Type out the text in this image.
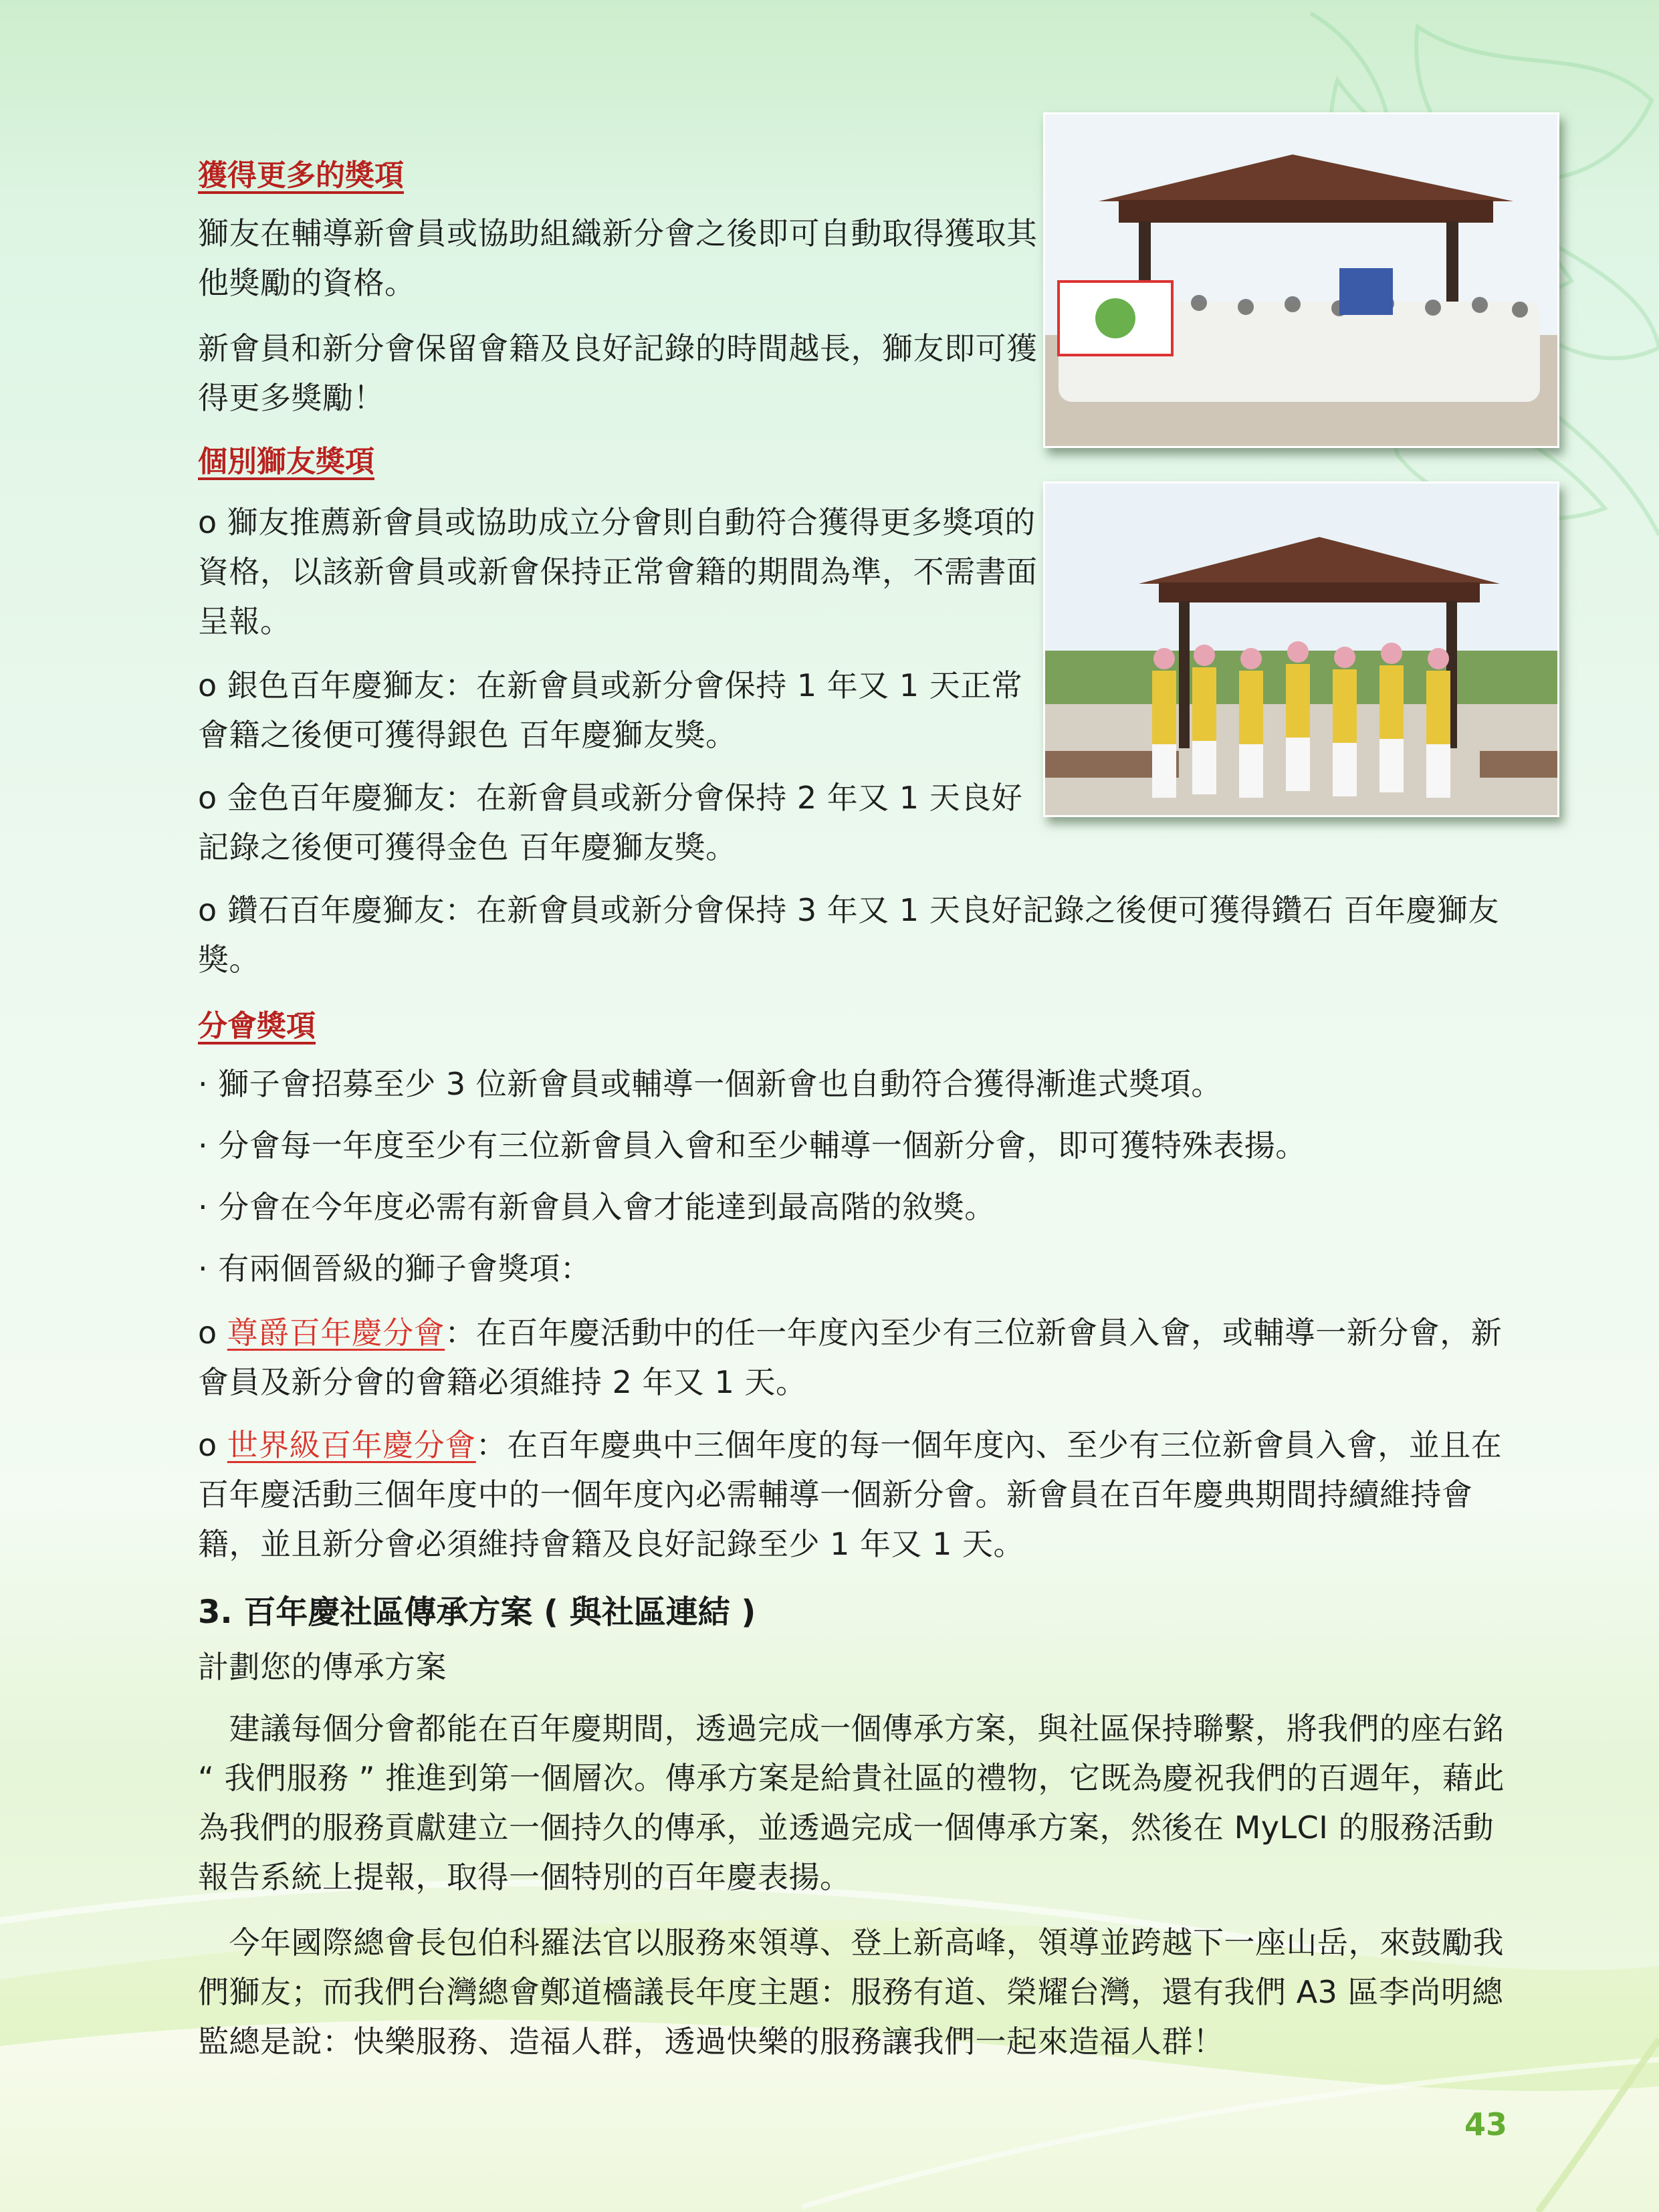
獲得更多的獎項

獅友在輔導新會員或協助組織新分會之後即可自動取得獲取其他獎勵的資格。

新會員和新分會保留會籍及良好記錄的時間越長，獅友即可獲得更多獎勵！

個別獅友獎項

o 獅友推薦新會員或協助成立分會則自動符合獲得更多獎項的資格，以該新會員或新會保持正常會籍的期間為準，不需書面呈報。

o 銀色百年慶獅友：在新會員或新分會保持 1 年又 1 天正常會籍之後便可獲得銀色 百年慶獅友獎。

o 金色百年慶獅友：在新會員或新分會保持 2 年又 1 天良好記錄之後便可獲得金色 百年慶獅友獎。

o 鑽石百年慶獅友：在新會員或新分會保持 3 年又 1 天良好記錄之後便可獲得鑽石 百年慶獅友獎。

分會獎項

· 獅子會招募至少 3 位新會員或輔導一個新會也自動符合獲得漸進式獎項。

· 分會每一年度至少有三位新會員入會和至少輔導一個新分會，即可獲特殊表揚。

· 分會在今年度必需有新會員入會才能達到最高階的敘獎。

· 有兩個晉級的獅子會獎項：

o 尊爵百年慶分會：在百年慶活動中的任一年度內至少有三位新會員入會，或輔導一新分會，新會員及新分會的會籍必須維持 2 年又 1 天。

o 世界級百年慶分會：在百年慶典中三個年度的每一個年度內、至少有三位新會員入會，並且在百年慶活動三個年度中的一個年度內必需輔導一個新分會。新會員在百年慶典期間持續維持會籍，並且新分會必須維持會籍及良好記錄至少 1 年又 1 天。

3. 百年慶社區傳承方案 ( 與社區連結 )

計劃您的傳承方案

　建議每個分會都能在百年慶期間，透過完成一個傳承方案，與社區保持聯繫，將我們的座右銘 “ 我們服務 ” 推進到第一個層次。傳承方案是給貴社區的禮物，它既為慶祝我們的百週年，藉此為我們的服務貢獻建立一個持久的傳承，並透過完成一個傳承方案，然後在 MyLCI 的服務活動報告系統上提報，取得一個特別的百年慶表揚。

　今年國際總會長包伯科羅法官以服務來領導、登上新高峰，領導並跨越下一座山岳，來鼓勵我們獅友；而我們台灣總會鄭道檣議長年度主題：服務有道、榮耀台灣，還有我們 A3 區李尚明總監總是說：快樂服務、造福人群，透過快樂的服務讓我們一起來造福人群！

43
